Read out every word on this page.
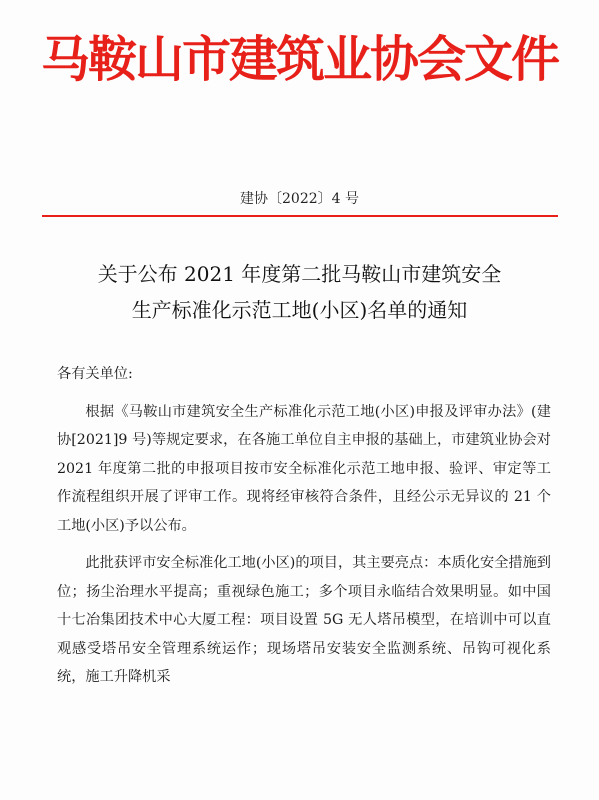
马鞍山市建筑业协会文件
建协〔2022〕4 号
关于公布 2021 年度第二批马鞍山市建筑安全
生产标准化示范工地(小区)名单的通知

各有关单位:

根据《马鞍山市建筑安全生产标准化示范工地(小区)申报及评审办法》(建协[2021]9 号)等规定要求，在各施工单位自主申报的基础上，市建筑业协会对 2021 年度第二批的申报项目按市安全标准化示范工地申报、验评、审定等工作流程组织开展了评审工作。现将经审核符合条件，且经公示无异议的 21 个工地(小区)予以公布。

此批获评市安全标准化工地(小区)的项目，其主要亮点：本质化安全措施到位；扬尘治理水平提高；重视绿色施工；多个项目永临结合效果明显。如中国十七冶集团技术中心大厦工程：项目设置 5G 无人塔吊模型，在培训中可以直观感受塔吊安全管理系统运作；现场塔吊安装安全监测系统、吊钩可视化系统，施工升降机采
